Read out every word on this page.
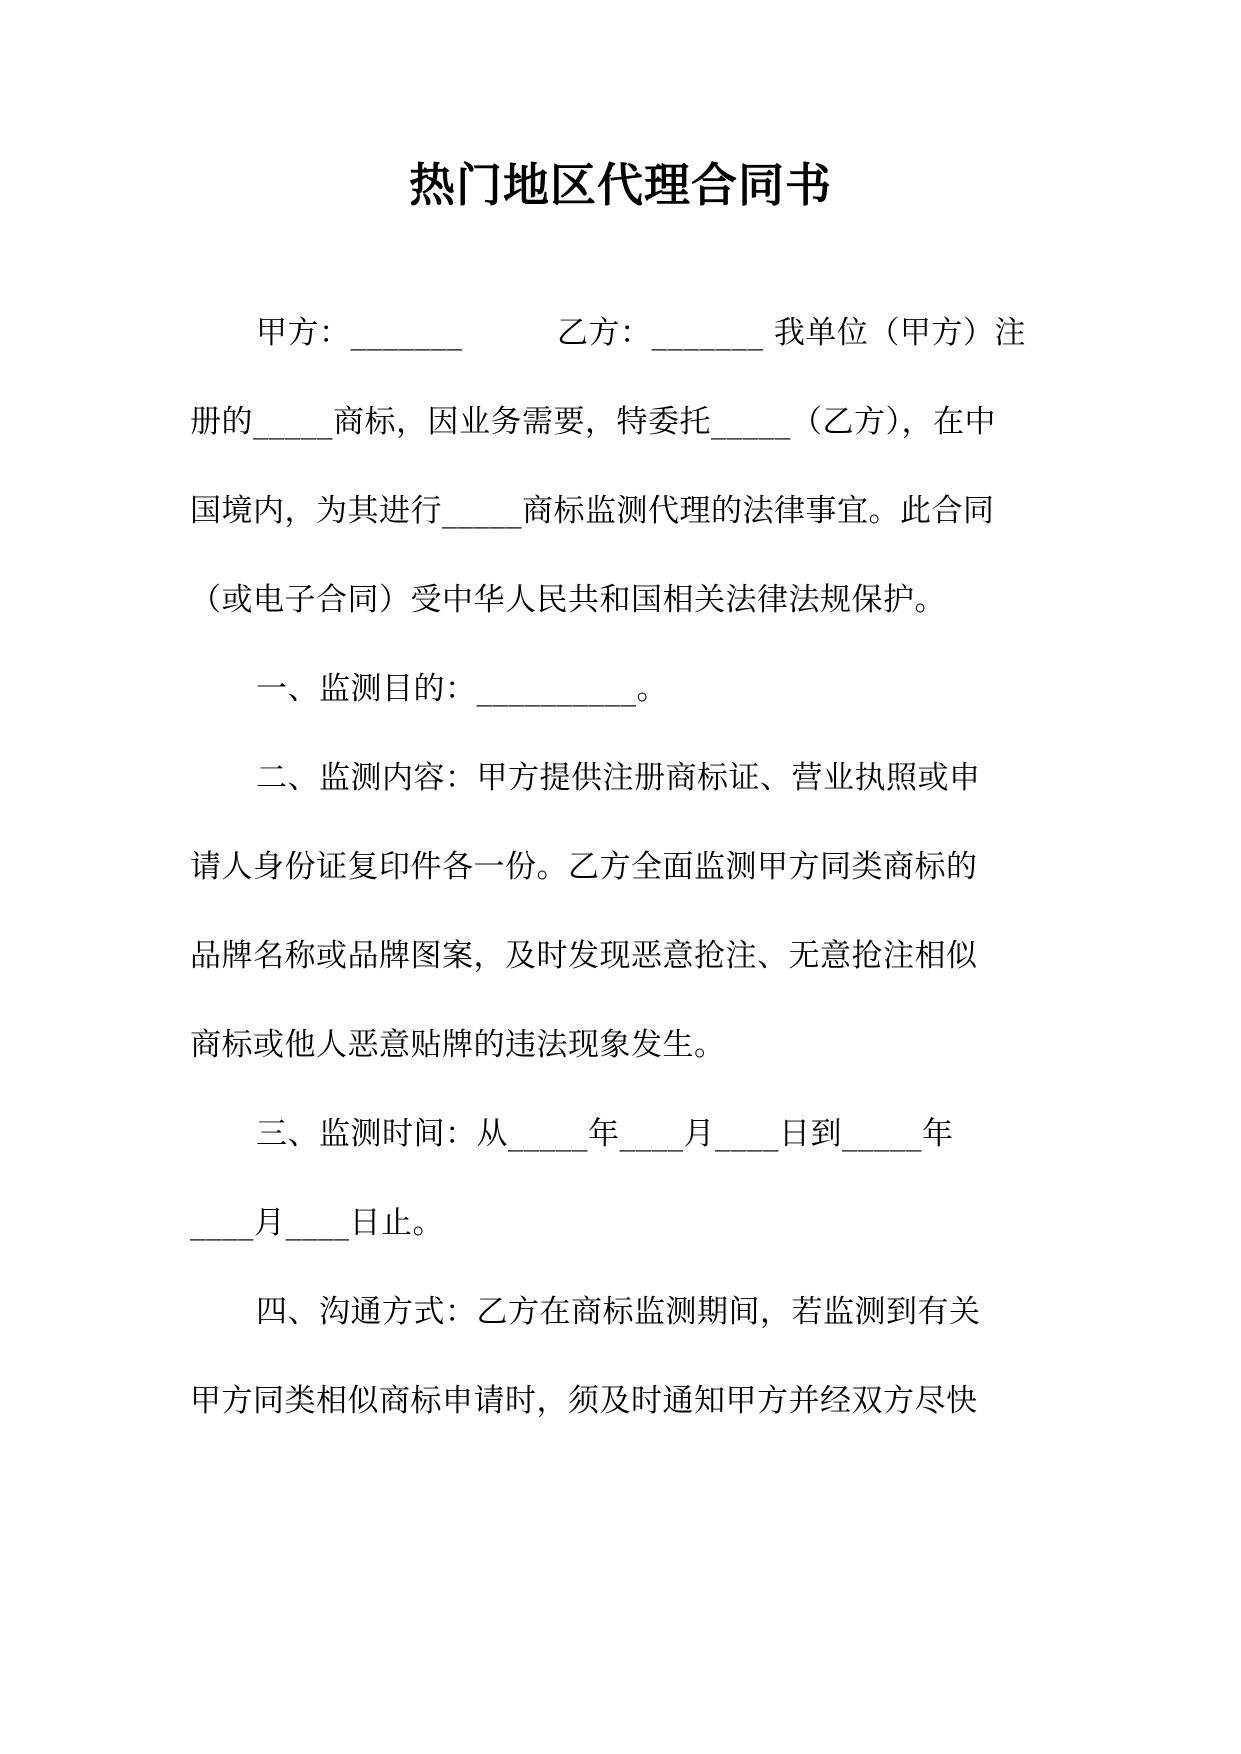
热门地区代理合同书
甲方：_______　　　乙方：_______ 我单位（甲方）注
册的_____商标，因业务需要，特委托_____（乙方），在中
国境内，为其进行_____商标监测代理的法律事宜。此合同
（或电子合同）受中华人民共和国相关法律法规保护。
一、监测目的：__________。
二、监测内容：甲方提供注册商标证、营业执照或申
请人身份证复印件各一份。乙方全面监测甲方同类商标的
品牌名称或品牌图案，及时发现恶意抢注、无意抢注相似
商标或他人恶意贴牌的违法现象发生。
三、监测时间：从_____年____月____日到_____年
____月____日止。
四、沟通方式：乙方在商标监测期间，若监测到有关
甲方同类相似商标申请时，须及时通知甲方并经双方尽快
